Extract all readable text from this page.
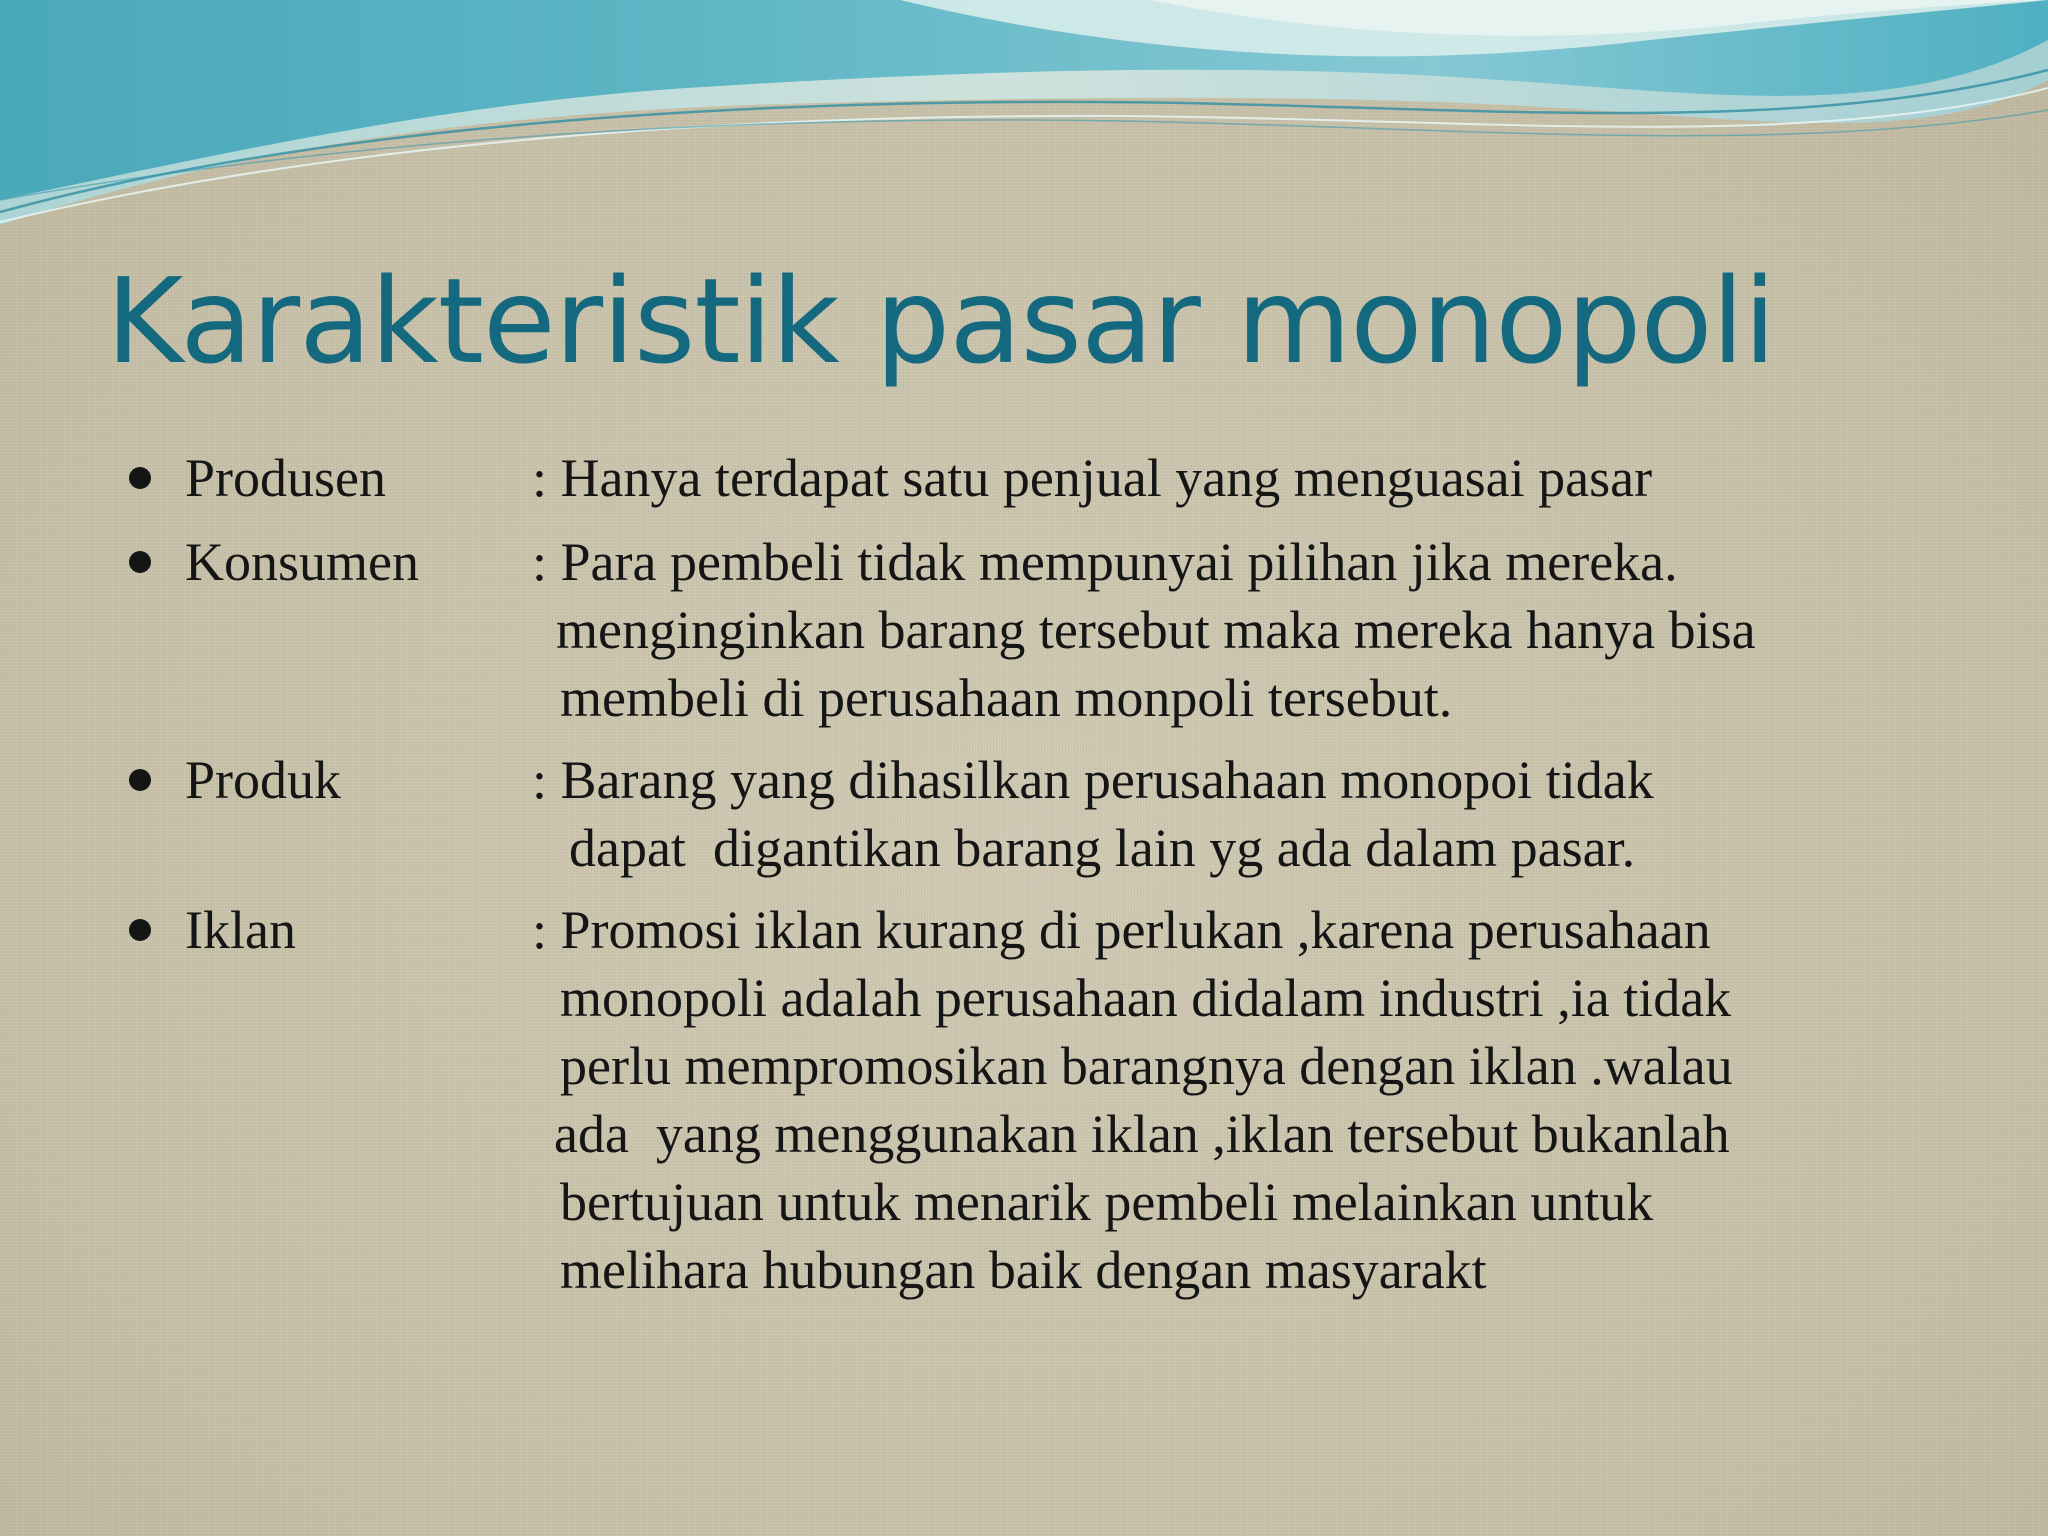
Karakteristik pasar monopoli
Produsen	: Hanya terdapat satu penjual yang menguasai pasar
Konsumen : Para pembeli tidak mempunyai pilihan jika mereka.
menginginkan barang tersebut maka mereka hanya bisa
membeli di perusahaan monpoli tersebut.
Produk	: Barang yang dihasilkan perusahaan monopoi tidak
dapat  digantikan barang lain yg ada dalam pasar.
Iklan	: Promosi iklan kurang di perlukan ,karena perusahaan
monopoli adalah perusahaan didalam industri ,ia tidak
perlu mempromosikan barangnya dengan iklan .walau
ada  yang menggunakan iklan ,iklan tersebut bukanlah
bertujuan untuk menarik pembeli melainkan untuk
melihara hubungan baik dengan masyarakt
